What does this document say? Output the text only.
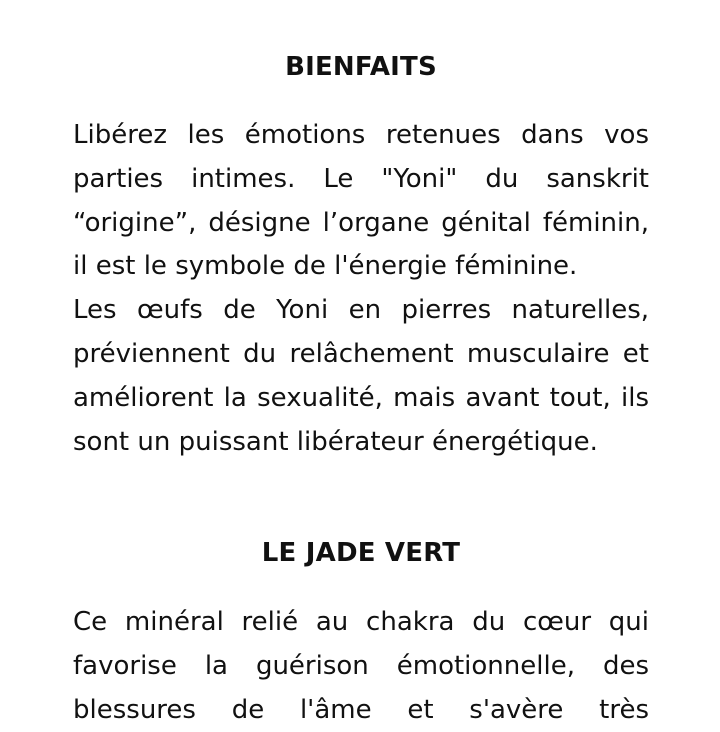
BIENFAITS
Libérez les émotions retenues dans vos
parties intimes. Le "Yoni" du sanskrit
“origine”, désigne l’organe génital féminin,
il est le symbole de l'énergie féminine.
Les œufs de Yoni en pierres naturelles,
préviennent du relâchement musculaire et
améliorent la sexualité, mais avant tout, ils
sont un puissant libérateur énergétique.
LE JADE VERT
Ce minéral relié au chakra du cœur qui
favorise la guérison émotionnelle, des
blessures de l'âme et s'avère très
